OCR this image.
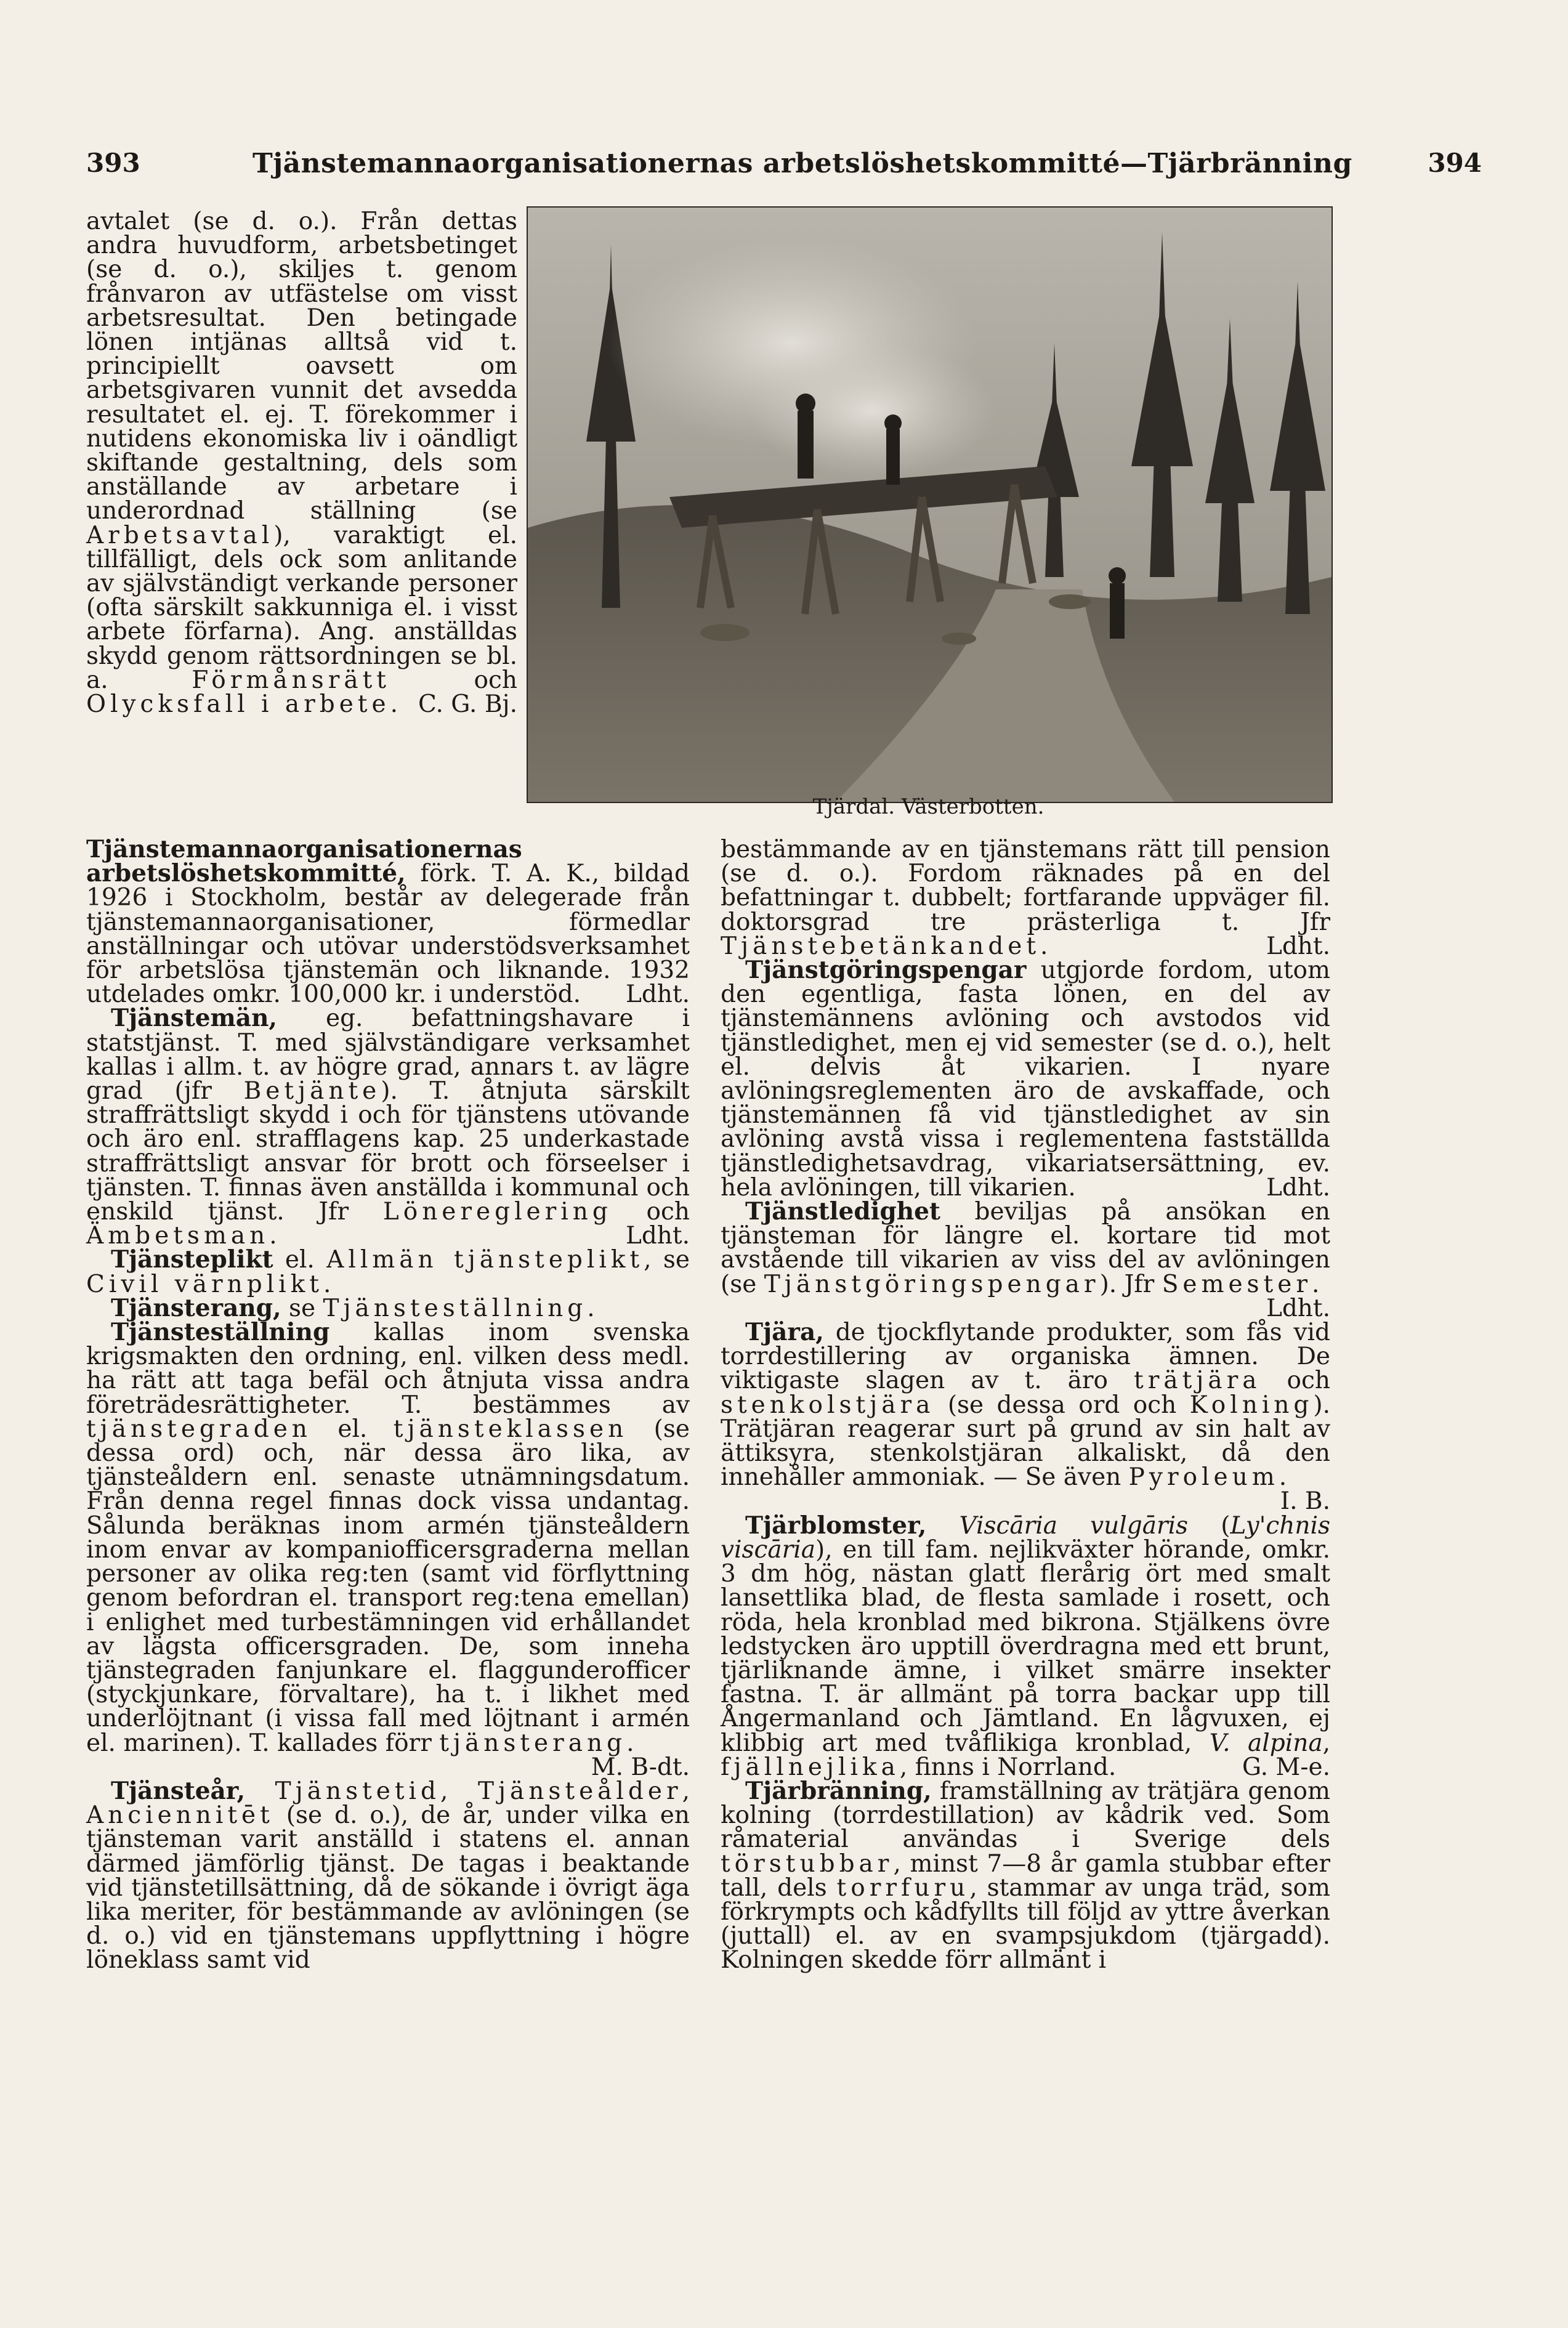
393	Tjänstemannaorganisationernas arbetslöshetskommitté—Tjärbränning	394

avtalet (se d. o.). Från dettas andra huvudform, arbetsbetinget (se d. o.), skiljes t. genom frånvaron av utfästelse om visst arbetsresultat. Den betingade lönen intjänas alltså vid t. principiellt oavsett om arbetsgivaren vunnit det avsedda resultatet el. ej. T. förekommer i nutidens ekonomiska liv i oändligt skiftande gestaltning, dels som anställande av arbetare i underordnad ställning (se Arbetsavtal), varaktigt el. tillfälligt, dels ock som anlitande av självständigt verkande personer (ofta särskilt sakkunniga el. i visst arbete förfarna). Ang. anställdas skydd genom rättsordningen se bl. a. Förmånsrätt och Olycksfall i arbete. C. G. Bj.

Tjärdal. Västerbotten.

Tjänstemannaorganisationernas arbetslöshetskommitté, förk. T. A. K., bildad 1926 i Stockholm, består av delegerade från tjänstemannaorganisationer, förmedlar anställningar och utövar understödsverksamhet för arbetslösa tjänstemän och liknande. 1932 utdelades omkr. 100,000 kr. i understöd.	Ldht.

Tjänstemän, eg. befattningshavare i statstjänst. T. med självständigare verksamhet kallas i allm. t. av högre grad, annars t. av lägre grad (jfr Betjänte). T. åtnjuta särskilt straffrättsligt skydd i och för tjänstens utövande och äro enl. strafflagens kap. 25 underkastade straffrättsligt ansvar för brott och förseelser i tjänsten. T. finnas även anställda i kommunal och enskild tjänst. Jfr Lönereglering och Ämbetsman.	Ldht.

Tjänsteplikt el. Allmän tjänsteplikt, se Civil värnplikt.

Tjänsterang, se Tjänsteställning.

Tjänsteställning kallas inom svenska krigsmakten den ordning, enl. vilken dess medl. ha rätt att taga befäl och åtnjuta vissa andra företrädesrättigheter. T. bestämmes av tjänstegraden el. tjänsteklassen (se dessa ord) och, när dessa äro lika, av tjänsteåldern enl. senaste utnämningsdatum. Från denna regel finnas dock vissa undantag. Sålunda beräknas inom armén tjänsteåldern inom envar av kompaniofficersgraderna mellan personer av olika reg:ten (samt vid förflyttning genom befordran el. transport reg:tena emellan) i enlighet med turbestämningen vid erhållandet av lägsta officersgraden. De, som inneha tjänstegraden fanjunkare el. flaggunderofficer (styckjunkare, förvaltare), ha t. i likhet med underlöjtnant (i vissa fall med löjtnant i armén el. marinen). T. kallades förr tjänsterang.
M. B-dt.

Tjänsteår, Tjänstetid, Tjänsteålder, Anciennitēt (se d. o.), de år, under vilka en tjänsteman varit anställd i statens el. annan därmed jämförlig tjänst. De tagas i beaktande vid tjänstetillsättning, då de sökande i övrigt äga lika meriter, för bestämmande av avlöningen (se d. o.) vid en tjänstemans uppflyttning i högre löneklass samt vid

bestämmande av en tjänstemans rätt till pension (se d. o.). Fordom räknades på en del befattningar t. dubbelt; fortfarande uppväger fil. doktorsgrad tre prästerliga t. Jfr Tjänstebetänkandet.	Ldht.

Tjänstgöringspengar utgjorde fordom, utom den egentliga, fasta lönen, en del av tjänstemännens avlöning och avstodos vid tjänstledighet, men ej vid semester (se d. o.), helt el. delvis åt vikarien. I nyare avlöningsreglementen äro de avskaffade, och tjänstemännen få vid tjänstledighet av sin avlöning avstå vissa i reglementena fastställda tjänstledighetsavdrag, vikariatsersättning, ev. hela avlöningen, till vikarien.	Ldht.

Tjänstledighet beviljas på ansökan en tjänsteman för längre el. kortare tid mot avstående till vikarien av viss del av avlöningen (se Tjänstgöringspengar). Jfr Semester.
Ldht.

Tjära, de tjockflytande produkter, som fås vid torrdestillering av organiska ämnen. De viktigaste slagen av t. äro trätjära och stenkolstjära (se dessa ord och Kolning). Trätjäran reagerar surt på grund av sin halt av ättiksyra, stenkolstjäran alkaliskt, då den innehåller ammoniak. — Se även Pyroleum.
I. B.

Tjärblomster, Viscāria vulgāris (Ly'chnis viscāria), en till fam. nejlikväxter hörande, omkr. 3 dm hög, nästan glatt flerårig ört med smalt lansettlika blad, de flesta samlade i rosett, och röda, hela kronblad med bikrona. Stjälkens övre ledstycken äro upptill överdragna med ett brunt, tjärliknande ämne, i vilket smärre insekter fastna. T. är allmänt på torra backar upp till Ångermanland och Jämtland. En lågvuxen, ej klibbig art med tvåflikiga kronblad, V. alpina, fjällnejlika, finns i Norrland.	G. M-e.

Tjärbränning, framställning av trätjära genom kolning (torrdestillation) av kådrik ved. Som råmaterial användas i Sverige dels törstubbar, minst 7—8 år gamla stubbar efter tall, dels torrfuru, stammar av unga träd, som förkrympts och kådfyllts till följd av yttre åverkan (juttall) el. av en svampsjukdom (tjärgadd). Kolningen skedde förr allmänt i
